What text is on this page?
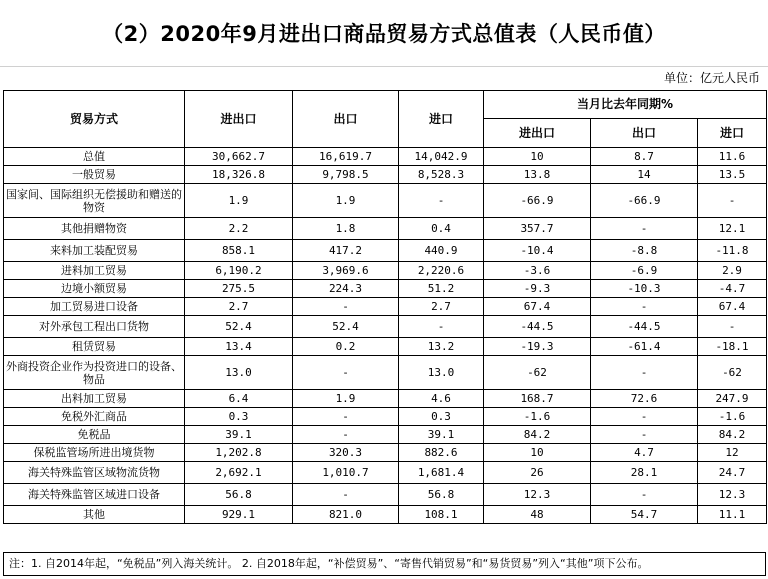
（2）2020年9月进出口商品贸易方式总值表（人民币值）
单位：亿元人民币
贸易方式	进出口	出口	进口	当月比去年同期%		
				进出口	出口	进口
总值	30,662.7	16,619.7	14,042.9	10	8.7	11.6
一般贸易	18,326.8	9,798.5	8,528.3	13.8	14	13.5
国家间、国际组织无偿援助和赠送的物资	1.9	1.9	-	-66.9	-66.9	-
其他捐赠物资	2.2	1.8	0.4	357.7	-	12.1
来料加工装配贸易	858.1	417.2	440.9	-10.4	-8.8	-11.8
进料加工贸易	6,190.2	3,969.6	2,220.6	-3.6	-6.9	2.9
边境小额贸易	275.5	224.3	51.2	-9.3	-10.3	-4.7
加工贸易进口设备	2.7	-	2.7	67.4	-	67.4
对外承包工程出口货物	52.4	52.4	-	-44.5	-44.5	-
租赁贸易	13.4	0.2	13.2	-19.3	-61.4	-18.1
外商投资企业作为投资进口的设备、物品	13.0	-	13.0	-62	-	-62
出料加工贸易	6.4	1.9	4.6	168.7	72.6	247.9
免税外汇商品	0.3	-	0.3	-1.6	-	-1.6
免税品	39.1	-	39.1	84.2	-	84.2
保税监管场所进出境货物	1,202.8	320.3	882.6	10	4.7	12
海关特殊监管区域物流货物	2,692.1	1,010.7	1,681.4	26	28.1	24.7
海关特殊监管区域进口设备	56.8	-	56.8	12.3	-	12.3
其他	929.1	821.0	108.1	48	54.7	11.1
注：1. 自2014年起，“免税品”列入海关统计。 2. 自2018年起，“补偿贸易”、“寄售代销贸易”和“易货贸易”列入“其他”项下公布。
